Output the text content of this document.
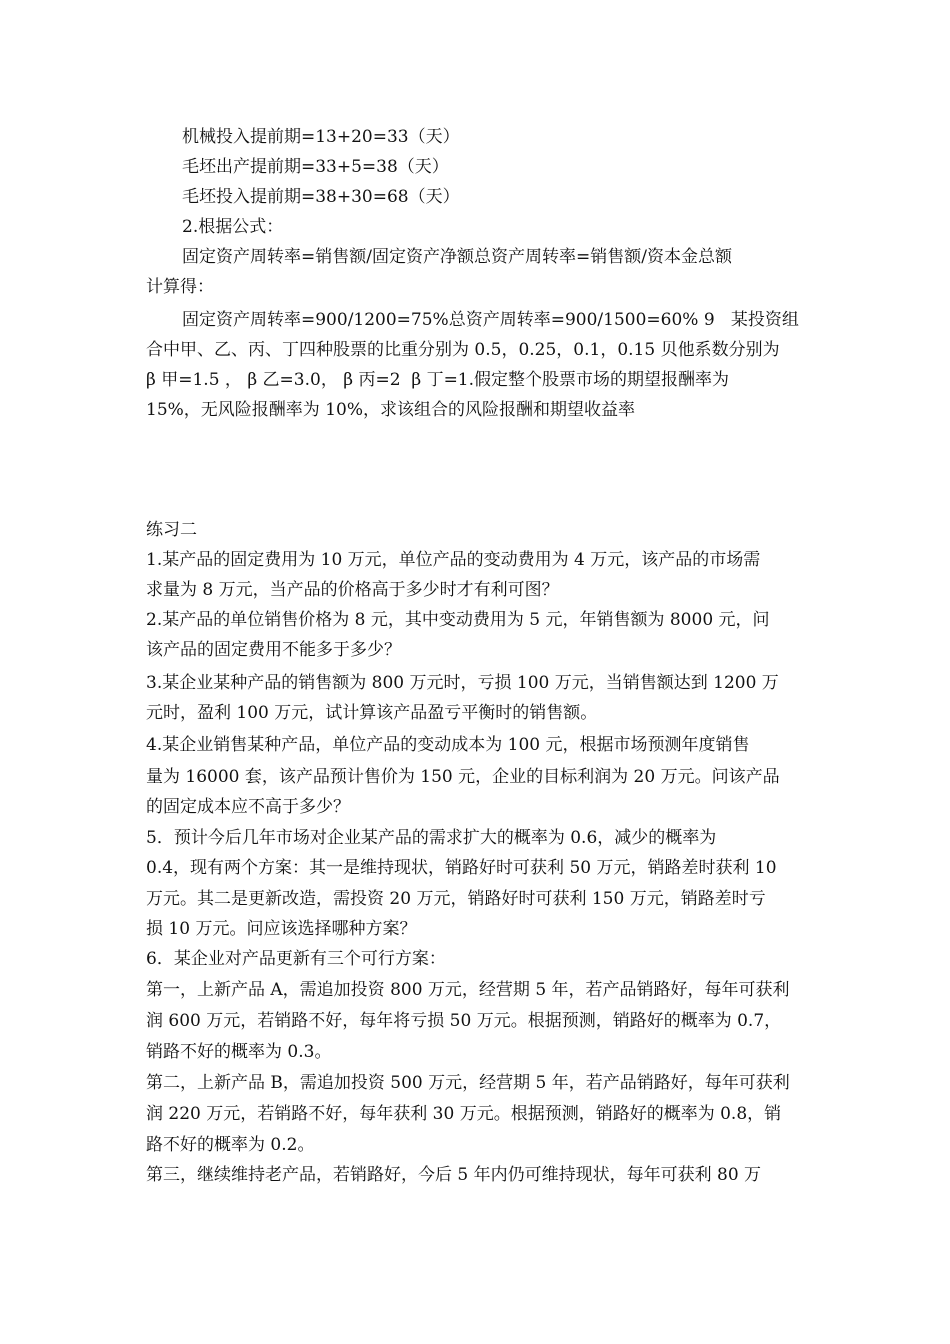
机械投入提前期=13+20=33（天）
毛坯出产提前期=33+5=38（天）
毛坯投入提前期=38+30=68（天）
2.根据公式：
固定资产周转率=销售额/固定资产净额总资产周转率=销售额/资本金总额
计算得：
固定资产周转率=900/1200=75%总资产周转率=900/1500=60% 9   某投资组
合中甲、乙、丙、丁四种股票的比重分别为 0.5，0.25，0.1，0.15 贝他系数分别为
β 甲=1.5 ， β 乙=3.0， β 丙=2  β 丁=1.假定整个股票市场的期望报酬率为
15%，无风险报酬率为 10%，求该组合的风险报酬和期望收益率
练习二
1.某产品的固定费用为 10 万元，单位产品的变动费用为 4 万元，该产品的市场需
求量为 8 万元，当产品的价格高于多少时才有利可图？
2.某产品的单位销售价格为 8 元，其中变动费用为 5 元，年销售额为 8000 元，问
该产品的固定费用不能多于多少？
3.某企业某种产品的销售额为 800 万元时，亏损 100 万元，当销售额达到 1200 万
元时，盈利 100 万元，试计算该产品盈亏平衡时的销售额。
4.某企业销售某种产品，单位产品的变动成本为 100 元，根据市场预测年度销售
量为 16000 套，该产品预计售价为 150 元，企业的目标利润为 20 万元。问该产品
的固定成本应不高于多少？
5．预计今后几年市场对企业某产品的需求扩大的概率为 0.6，减少的概率为
0.4，现有两个方案：其一是维持现状，销路好时可获利 50 万元，销路差时获利 10
万元。其二是更新改造，需投资 20 万元，销路好时可获利 150 万元，销路差时亏
损 10 万元。问应该选择哪种方案？
6．某企业对产品更新有三个可行方案：
第一，上新产品 A，需追加投资 800 万元，经营期 5 年，若产品销路好，每年可获利
润 600 万元，若销路不好，每年将亏损 50 万元。根据预测，销路好的概率为 0.7，
销路不好的概率为 0.3。
第二，上新产品 B，需追加投资 500 万元，经营期 5 年，若产品销路好，每年可获利
润 220 万元，若销路不好，每年获利 30 万元。根据预测，销路好的概率为 0.8，销
路不好的概率为 0.2。
第三，继续维持老产品，若销路好，今后 5 年内仍可维持现状，每年可获利 80 万
